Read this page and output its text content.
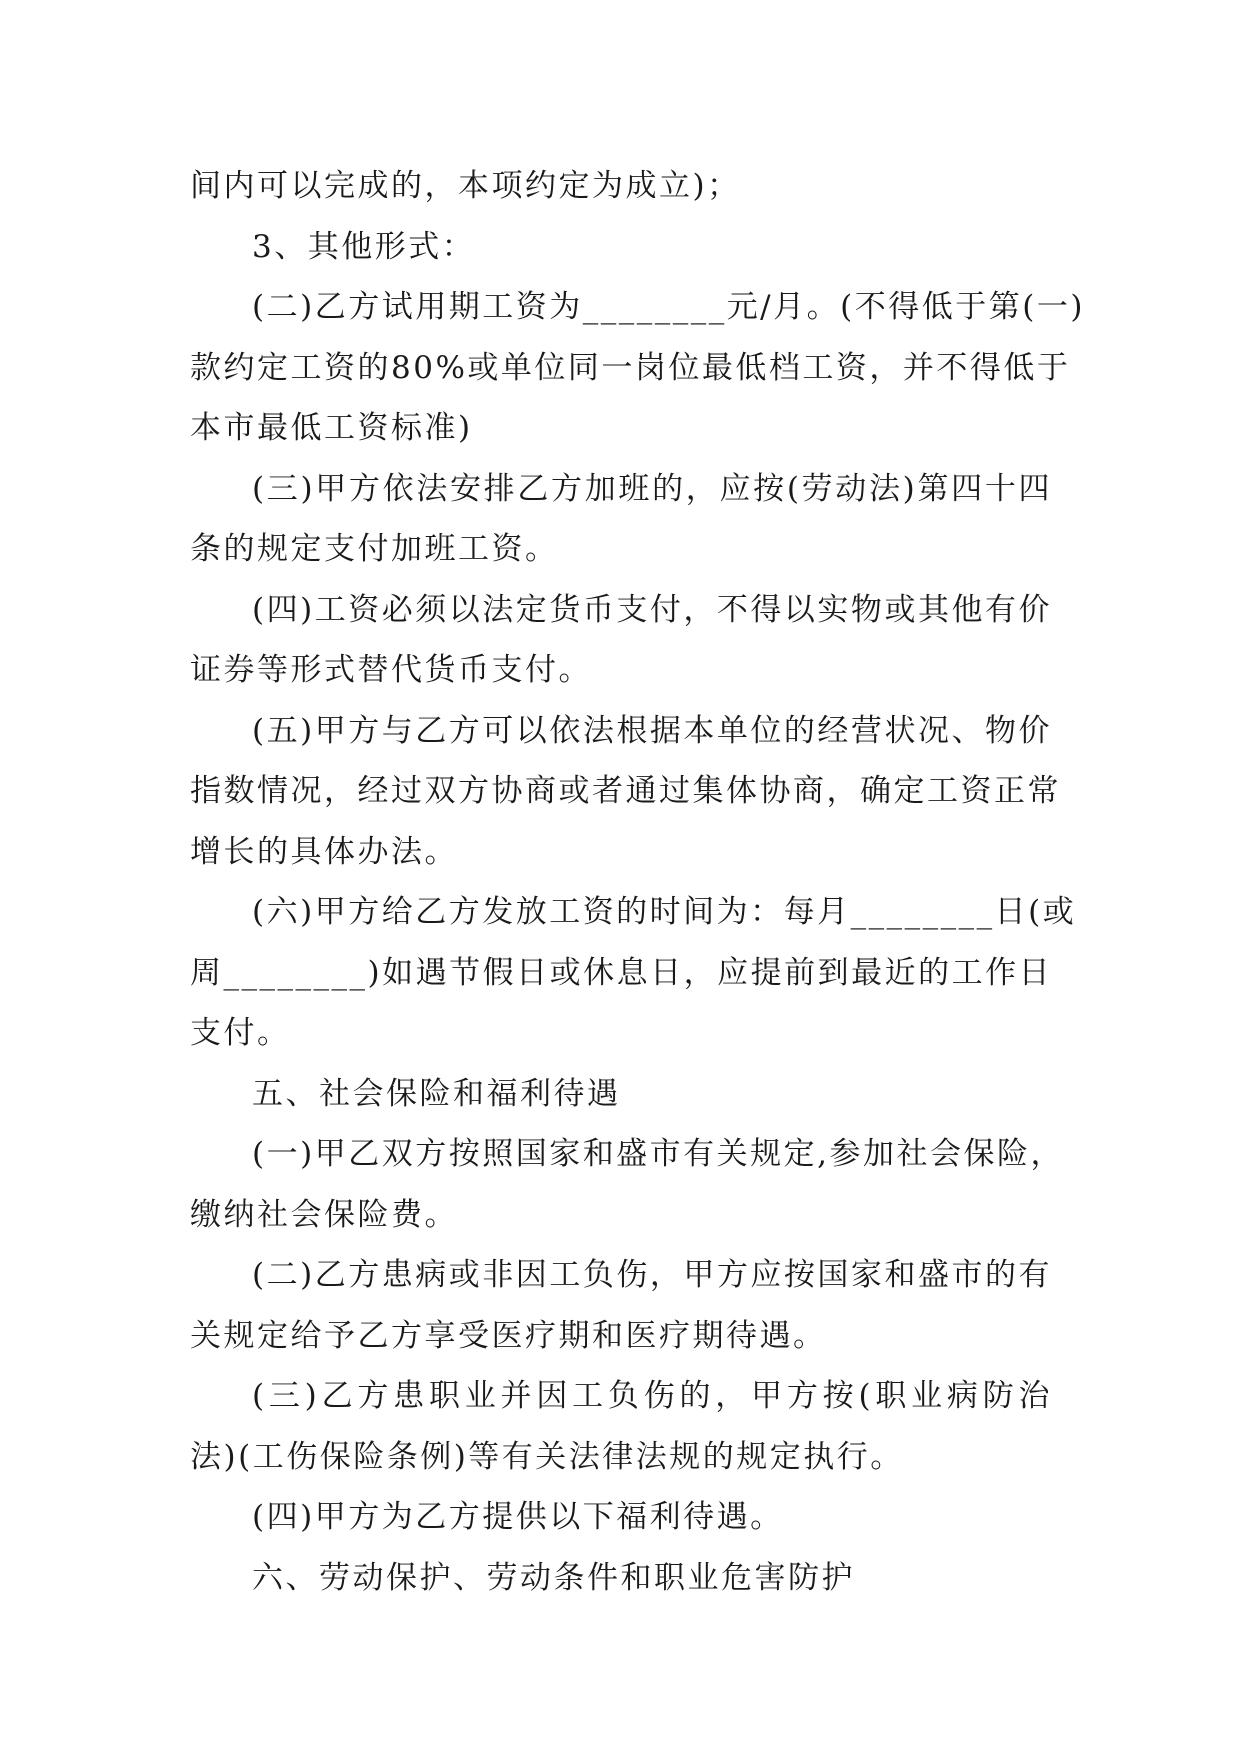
间内可以完成的，本项约定为成立)；
3、其他形式：
(二)乙方试用期工资为________元/月。(不得低于第(一)
款约定工资的80%或单位同一岗位最低档工资，并不得低于
本市最低工资标准)
(三)甲方依法安排乙方加班的，应按(劳动法)第四十四
条的规定支付加班工资。
(四)工资必须以法定货币支付，不得以实物或其他有价
证券等形式替代货币支付。
(五)甲方与乙方可以依法根据本单位的经营状况、物价
指数情况，经过双方协商或者通过集体协商，确定工资正常
增长的具体办法。
(六)甲方给乙方发放工资的时间为：每月________日(或
周________)如遇节假日或休息日，应提前到最近的工作日
支付。
五、社会保险和福利待遇
(一)甲乙双方按照国家和盛市有关规定,参加社会保险，
缴纳社会保险费。
(二)乙方患病或非因工负伤，甲方应按国家和盛市的有
关规定给予乙方享受医疗期和医疗期待遇。
(三)乙方患职业并因工负伤的，甲方按(职业病防治
法)(工伤保险条例)等有关法律法规的规定执行。
(四)甲方为乙方提供以下福利待遇。
六、劳动保护、劳动条件和职业危害防护
